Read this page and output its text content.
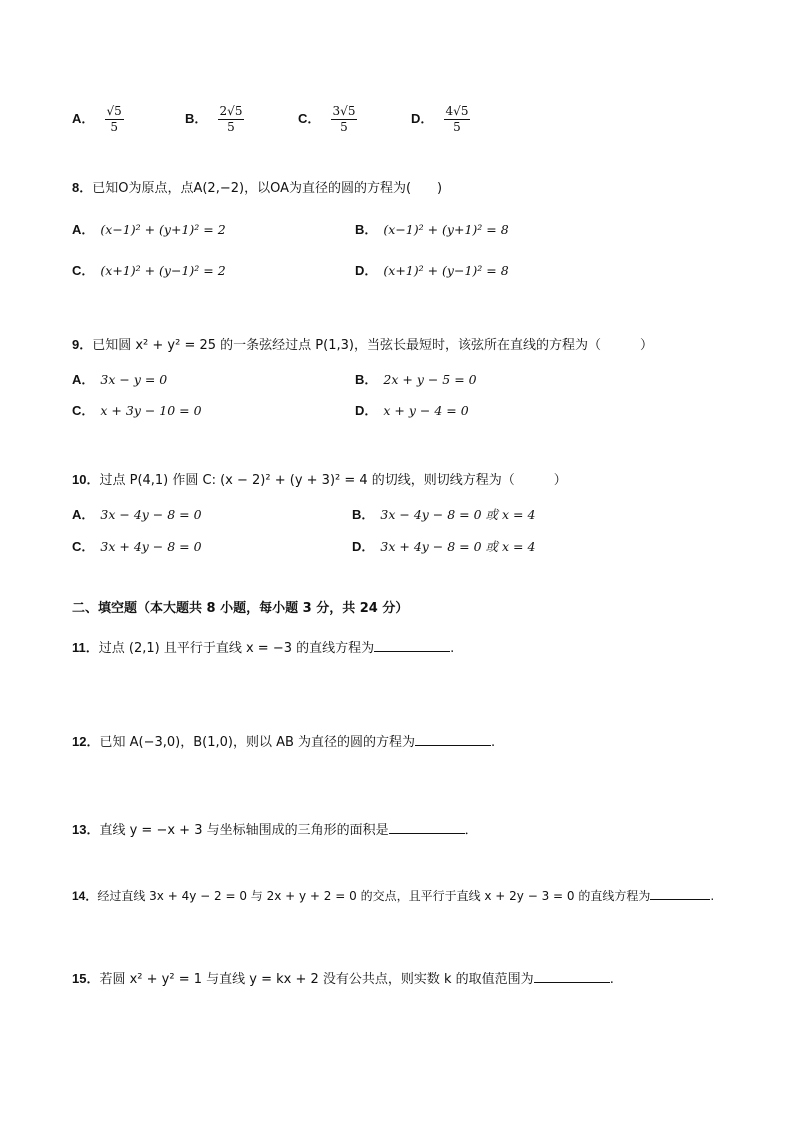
A． $\frac{√5}{5}$	B． $\frac{2√5}{5}$	C． $\frac{3√5}{5}$	D． $\frac{4√5}{5}$
8．已知O为原点，点A(2,−2)，以OA为直径的圆的方程为(　　)
A． (x−1)² + (y+1)² = 2	B． (x−1)² + (y+1)² = 8
C． (x+1)² + (y−1)² = 2	D． (x+1)² + (y−1)² = 8
9．已知圆 x² + y² = 25 的一条弦经过点 P(1,3)，当弦长最短时，该弦所在直线的方程为（　　　）
A． 3x − y = 0	B． 2x + y − 5 = 0
C． x + 3y − 10 = 0	D． x + y − 4 = 0
10．过点 P(4,1) 作圆 C: (x − 2)² + (y + 3)² = 4 的切线，则切线方程为（　　　）
A． 3x − 4y − 8 = 0	B． 3x − 4y − 8 = 0 或 x = 4
C． 3x + 4y − 8 = 0	D． 3x + 4y − 8 = 0 或 x = 4
二、填空题（本大题共 8 小题，每小题 3 分，共 24 分）
11．过点 (2,1) 且平行于直线 x = −3 的直线方程为	.
12．已知 A(−3,0)，B(1,0)，则以 AB 为直径的圆的方程为	.
13．直线 y = −x + 3 与坐标轴围成的三角形的面积是	．
14．经过直线 3x + 4y − 2 = 0 与 2x + y + 2 = 0 的交点，且平行于直线 x + 2y − 3 = 0 的直线方程为	.
15．若圆 x² + y² = 1 与直线 y = kx + 2 没有公共点，则实数 k 的取值范围为	.
